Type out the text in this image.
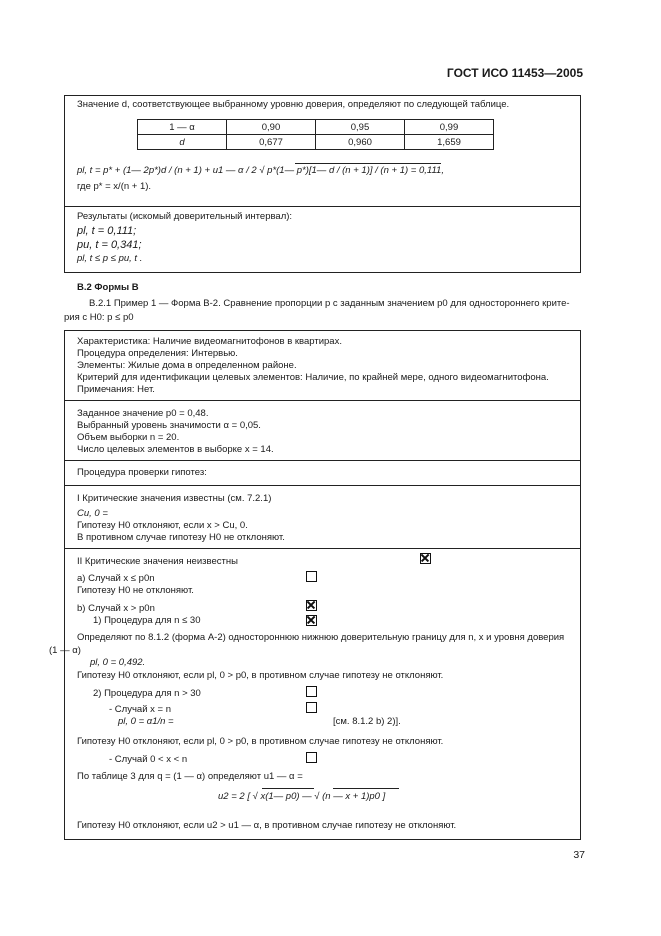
ГОСТ ИСО 11453—2005
Значение d, соответствующее выбранному уровню доверия, определяют по следующей таблице.
1 — α	0,90	0,95	0,99
d	0,677	0,960	1,659
pl, t = p* + (1— 2p*)d / (n + 1) + u1 — α / 2 √ p*(1— p*)[1— d / (n + 1)] / (n + 1) = 0,111,
где p* = x/(n + 1).
Результаты (искомый доверительный интервал):
pl, t = 0,111;
pu, t = 0,341;
pl, t ≤ p ≤ pu, t .
B.2 Формы B
B.2.1 Пример 1 — Форма B-2. Сравнение пропорции p с заданным значением p0 для одностороннего крите-
рия с H0: p ≤ p0
Характеристика: Наличие видеомагнитофонов в квартирах.
Процедура определения: Интервью.
Элементы: Жилые дома в определенном районе.
Критерий для идентификации целевых элементов: Наличие, по крайней мере, одного видеомагнитофона.
Примечания: Нет.
Заданное значение p0 = 0,48.
Выбранный уровень значимости α = 0,05.
Объем выборки n = 20.
Число целевых элементов в выборке x = 14.
Процедура проверки гипотез:
I Критические значения известны (см. 7.2.1)
Cu, 0 =
Гипотезу H0 отклоняют, если x > Cu, 0.
В противном случае гипотезу H0 не отклоняют.
II Критические значения неизвестны
a) Случай x ≤ p0n
Гипотезу H0 не отклоняют.
b) Случай x > p0n
1) Процедура для n ≤ 30
Определяют по 8.1.2 (форма A-2) одностороннюю нижнюю доверительную границу для n, x и уровня доверия
(1 — α)
pl, 0 = 0,492.
Гипотезу H0 отклоняют, если pl, 0 > p0, в противном случае гипотезу не отклоняют.
2) Процедура для n > 30
- Случай x = n
pl, 0 = α1/n =	[см. 8.1.2 b) 2)].
Гипотезу H0 отклоняют, если pl, 0 > p0, в противном случае гипотезу не отклоняют.
- Случай 0 < x < n
По таблице 3 для q = (1 — α) определяют u1 — α =
u2 = 2 [ √ x(1— p0) — √ (n — x + 1)p0 ]
Гипотезу H0 отклоняют, если u2 > u1 — α, в противном случае гипотезу не отклоняют.
37
